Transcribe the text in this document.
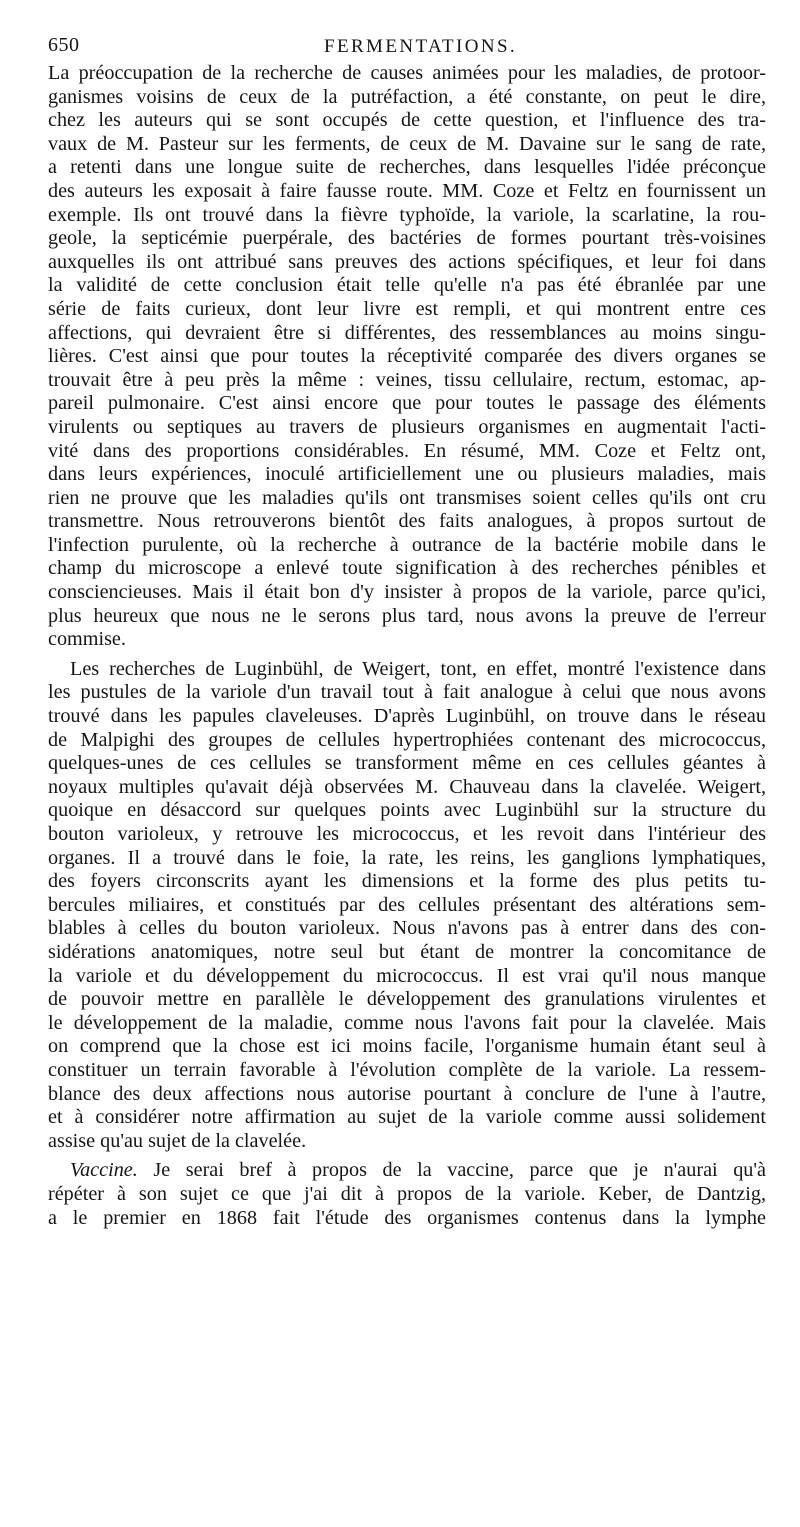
650	FERMENTATIONS.
La préoccupation de la recherche de causes animées pour les maladies, de protoor-
ganismes voisins de ceux de la putréfaction, a été constante, on peut le dire,
chez les auteurs qui se sont occupés de cette question, et l'influence des tra-
vaux de M. Pasteur sur les ferments, de ceux de M. Davaine sur le sang de rate,
a retenti dans une longue suite de recherches, dans lesquelles l'idée préconçue
des auteurs les exposait à faire fausse route. MM. Coze et Feltz en fournissent un
exemple. Ils ont trouvé dans la fièvre typhoïde, la variole, la scarlatine, la rou-
geole, la septicémie puerpérale, des bactéries de formes pourtant très-voisines
auxquelles ils ont attribué sans preuves des actions spécifiques, et leur foi dans
la validité de cette conclusion était telle qu'elle n'a pas été ébranlée par une
série de faits curieux, dont leur livre est rempli, et qui montrent entre ces
affections, qui devraient être si différentes, des ressemblances au moins singu-
lières. C'est ainsi que pour toutes la réceptivité comparée des divers organes se
trouvait être à peu près la même : veines, tissu cellulaire, rectum, estomac, ap-
pareil pulmonaire. C'est ainsi encore que pour toutes le passage des éléments
virulents ou septiques au travers de plusieurs organismes en augmentait l'acti-
vité dans des proportions considérables. En résumé, MM. Coze et Feltz ont,
dans leurs expériences, inoculé artificiellement une ou plusieurs maladies, mais
rien ne prouve que les maladies qu'ils ont transmises soient celles qu'ils ont cru
transmettre. Nous retrouverons bientôt des faits analogues, à propos surtout de
l'infection purulente, où la recherche à outrance de la bactérie mobile dans le
champ du microscope a enlevé toute signification à des recherches pénibles et
consciencieuses. Mais il était bon d'y insister à propos de la variole, parce qu'ici,
plus heureux que nous ne le serons plus tard, nous avons la preuve de l'erreur
commise.
Les recherches de Luginbühl, de Weigert, tont, en effet, montré l'existence dans
les pustules de la variole d'un travail tout à fait analogue à celui que nous avons
trouvé dans les papules claveleuses. D'après Luginbühl, on trouve dans le réseau
de Malpighi des groupes de cellules hypertrophiées contenant des micrococcus,
quelques-unes de ces cellules se transforment même en ces cellules géantes à
noyaux multiples qu'avait déjà observées M. Chauveau dans la clavelée. Weigert,
quoique en désaccord sur quelques points avec Luginbühl sur la structure du
bouton varioleux, y retrouve les micrococcus, et les revoit dans l'intérieur des
organes. Il a trouvé dans le foie, la rate, les reins, les ganglions lymphatiques,
des foyers circonscrits ayant les dimensions et la forme des plus petits tu-
bercules miliaires, et constitués par des cellules présentant des altérations sem-
blables à celles du bouton varioleux. Nous n'avons pas à entrer dans des con-
sidérations anatomiques, notre seul but étant de montrer la concomitance de
la variole et du développement du micrococcus. Il est vrai qu'il nous manque
de pouvoir mettre en parallèle le développement des granulations virulentes et
le développement de la maladie, comme nous l'avons fait pour la clavelée. Mais
on comprend que la chose est ici moins facile, l'organisme humain étant seul à
constituer un terrain favorable à l'évolution complète de la variole. La ressem-
blance des deux affections nous autorise pourtant à conclure de l'une à l'autre,
et à considérer notre affirmation au sujet de la variole comme aussi solidement
assise qu'au sujet de la clavelée.
Vaccine. Je serai bref à propos de la vaccine, parce que je n'aurai qu'à
répéter à son sujet ce que j'ai dit à propos de la variole. Keber, de Dantzig,
a le premier en 1868 fait l'étude des organismes contenus dans la lymphe
